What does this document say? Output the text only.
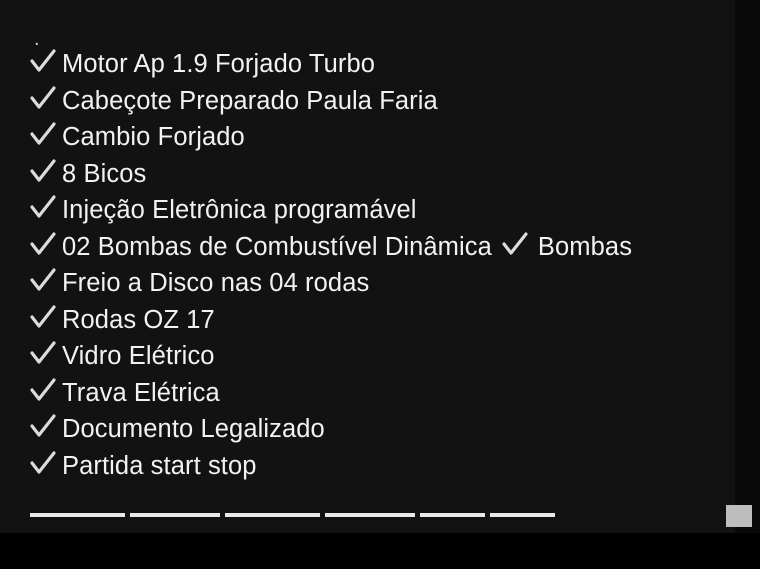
.
Motor Ap 1.9 Forjado Turbo
Cabeçote Preparado Paula Faria
Cambio Forjado
8 Bicos
Injeção Eletrônica programável
02 Bombas de Combustível Dinâmica Bombas
Freio a Disco nas 04 rodas
Rodas OZ 17
Vidro Elétrico
Trava Elétrica
Documento Legalizado
Partida start stop
